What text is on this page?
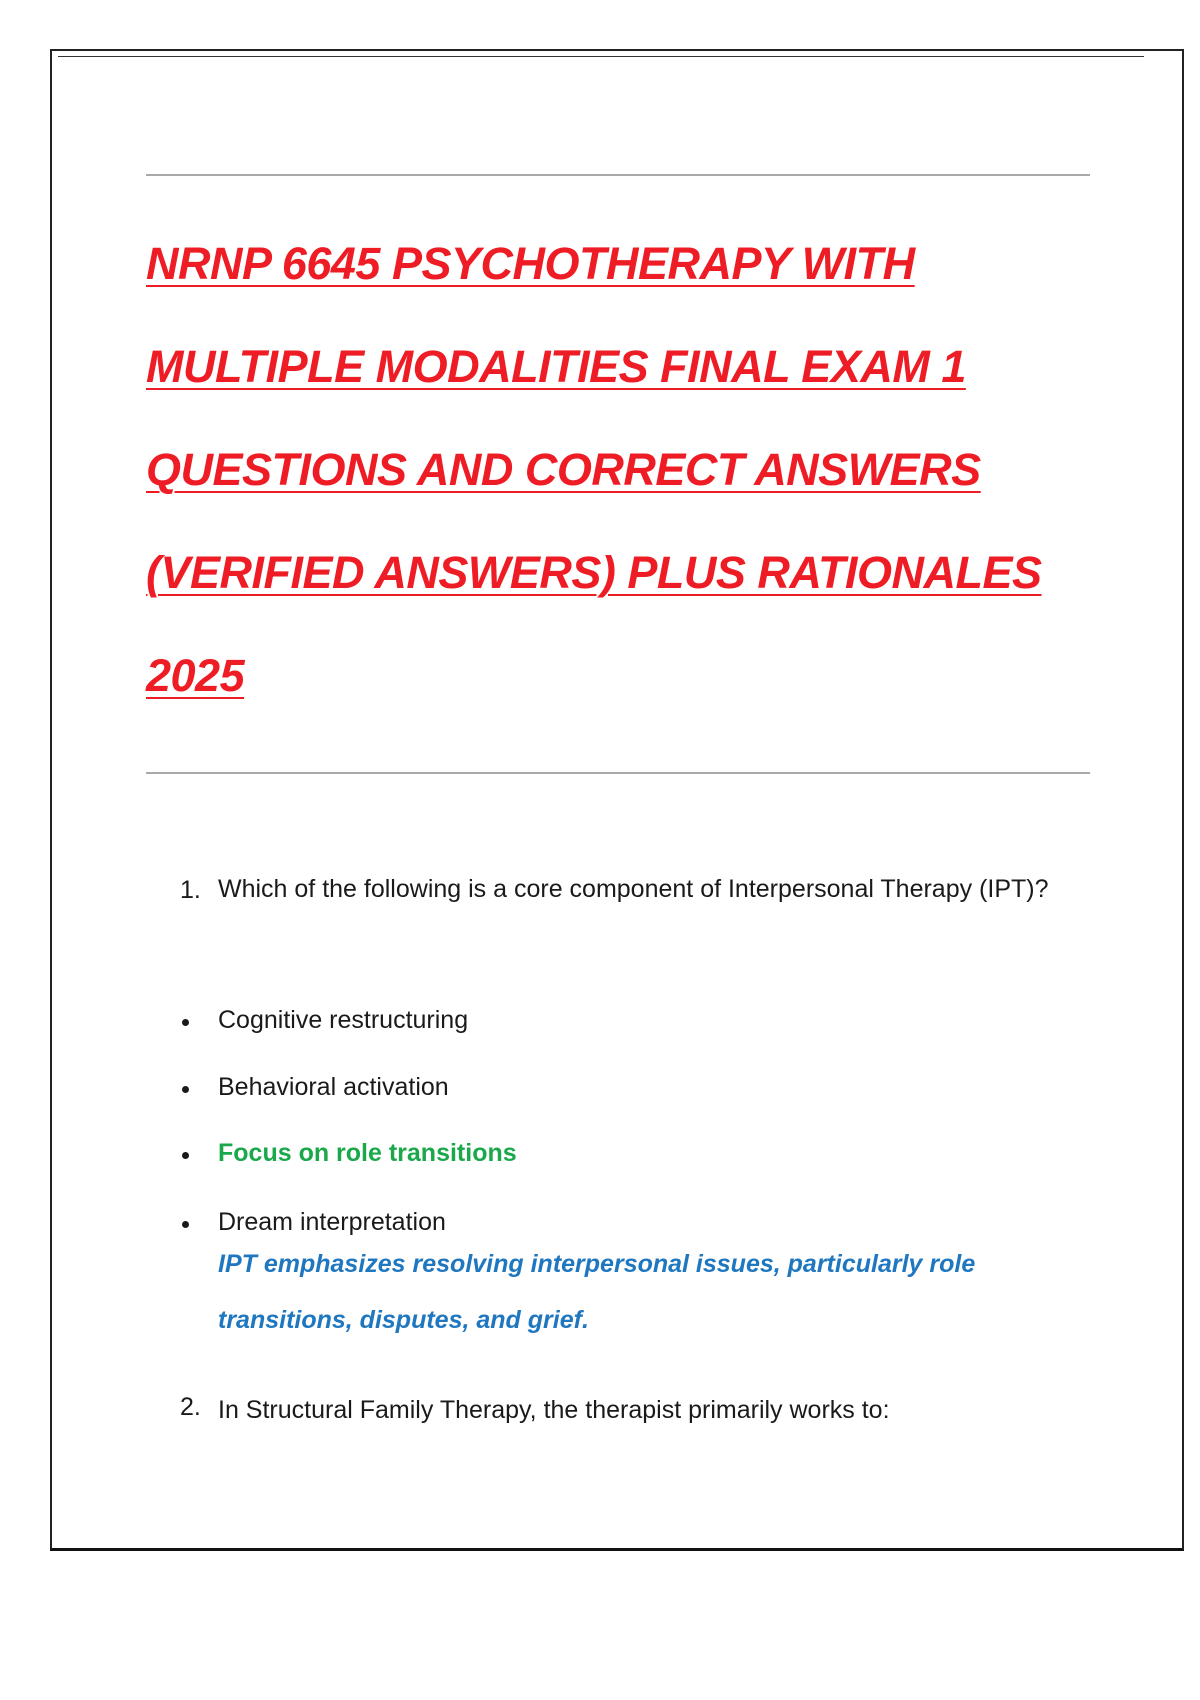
NRNP 6645 PSYCHOTHERAPY WITH
MULTIPLE MODALITIES FINAL EXAM 1
QUESTIONS AND CORRECT ANSWERS
(VERIFIED ANSWERS) PLUS RATIONALES
2025
1. Which of the following is a core component of Interpersonal Therapy (IPT)?
Cognitive restructuring
Behavioral activation
Focus on role transitions
Dream interpretation
IPT emphasizes resolving interpersonal issues, particularly role transitions, disputes, and grief.
2. In Structural Family Therapy, the therapist primarily works to:
